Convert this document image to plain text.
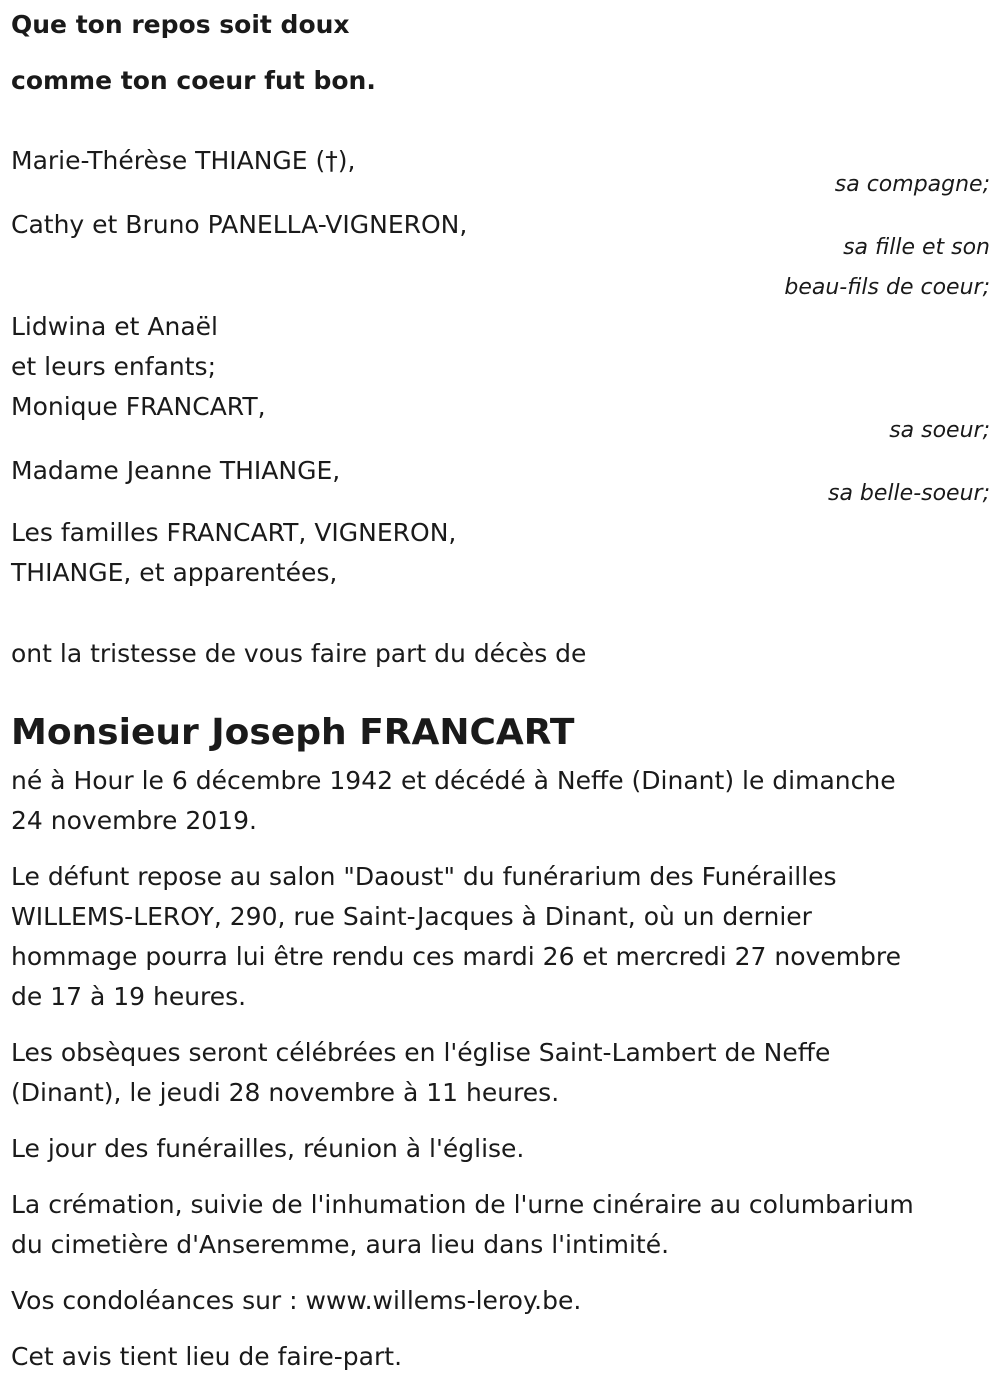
Que ton repos soit doux
comme ton coeur fut bon.
Marie-Thérèse THIANGE (†),
sa compagne;
Cathy et Bruno PANELLA-VIGNERON,
sa fille et son
beau-fils de coeur;
Lidwina et Anaël
et leurs enfants;
Monique FRANCART,
sa soeur;
Madame Jeanne THIANGE,
sa belle-soeur;
Les familles FRANCART, VIGNERON,
THIANGE, et apparentées,
ont la tristesse de vous faire part du décès de
Monsieur Joseph FRANCART
né à Hour le 6 décembre 1942 et décédé à Neffe (Dinant) le dimanche
24 novembre 2019.
Le défunt repose au salon "Daoust" du funérarium des Funérailles
WILLEMS-LEROY, 290, rue Saint-Jacques à Dinant, où un dernier
hommage pourra lui être rendu ces mardi 26 et mercredi 27 novembre
de 17 à 19 heures.
Les obsèques seront célébrées en l'église Saint-Lambert de Neffe
(Dinant), le jeudi 28 novembre à 11 heures.
Le jour des funérailles, réunion à l'église.
La crémation, suivie de l'inhumation de l'urne cinéraire au columbarium
du cimetière d'Anseremme, aura lieu dans l'intimité.
Vos condoléances sur : www.willems-leroy.be.
Cet avis tient lieu de faire-part.
